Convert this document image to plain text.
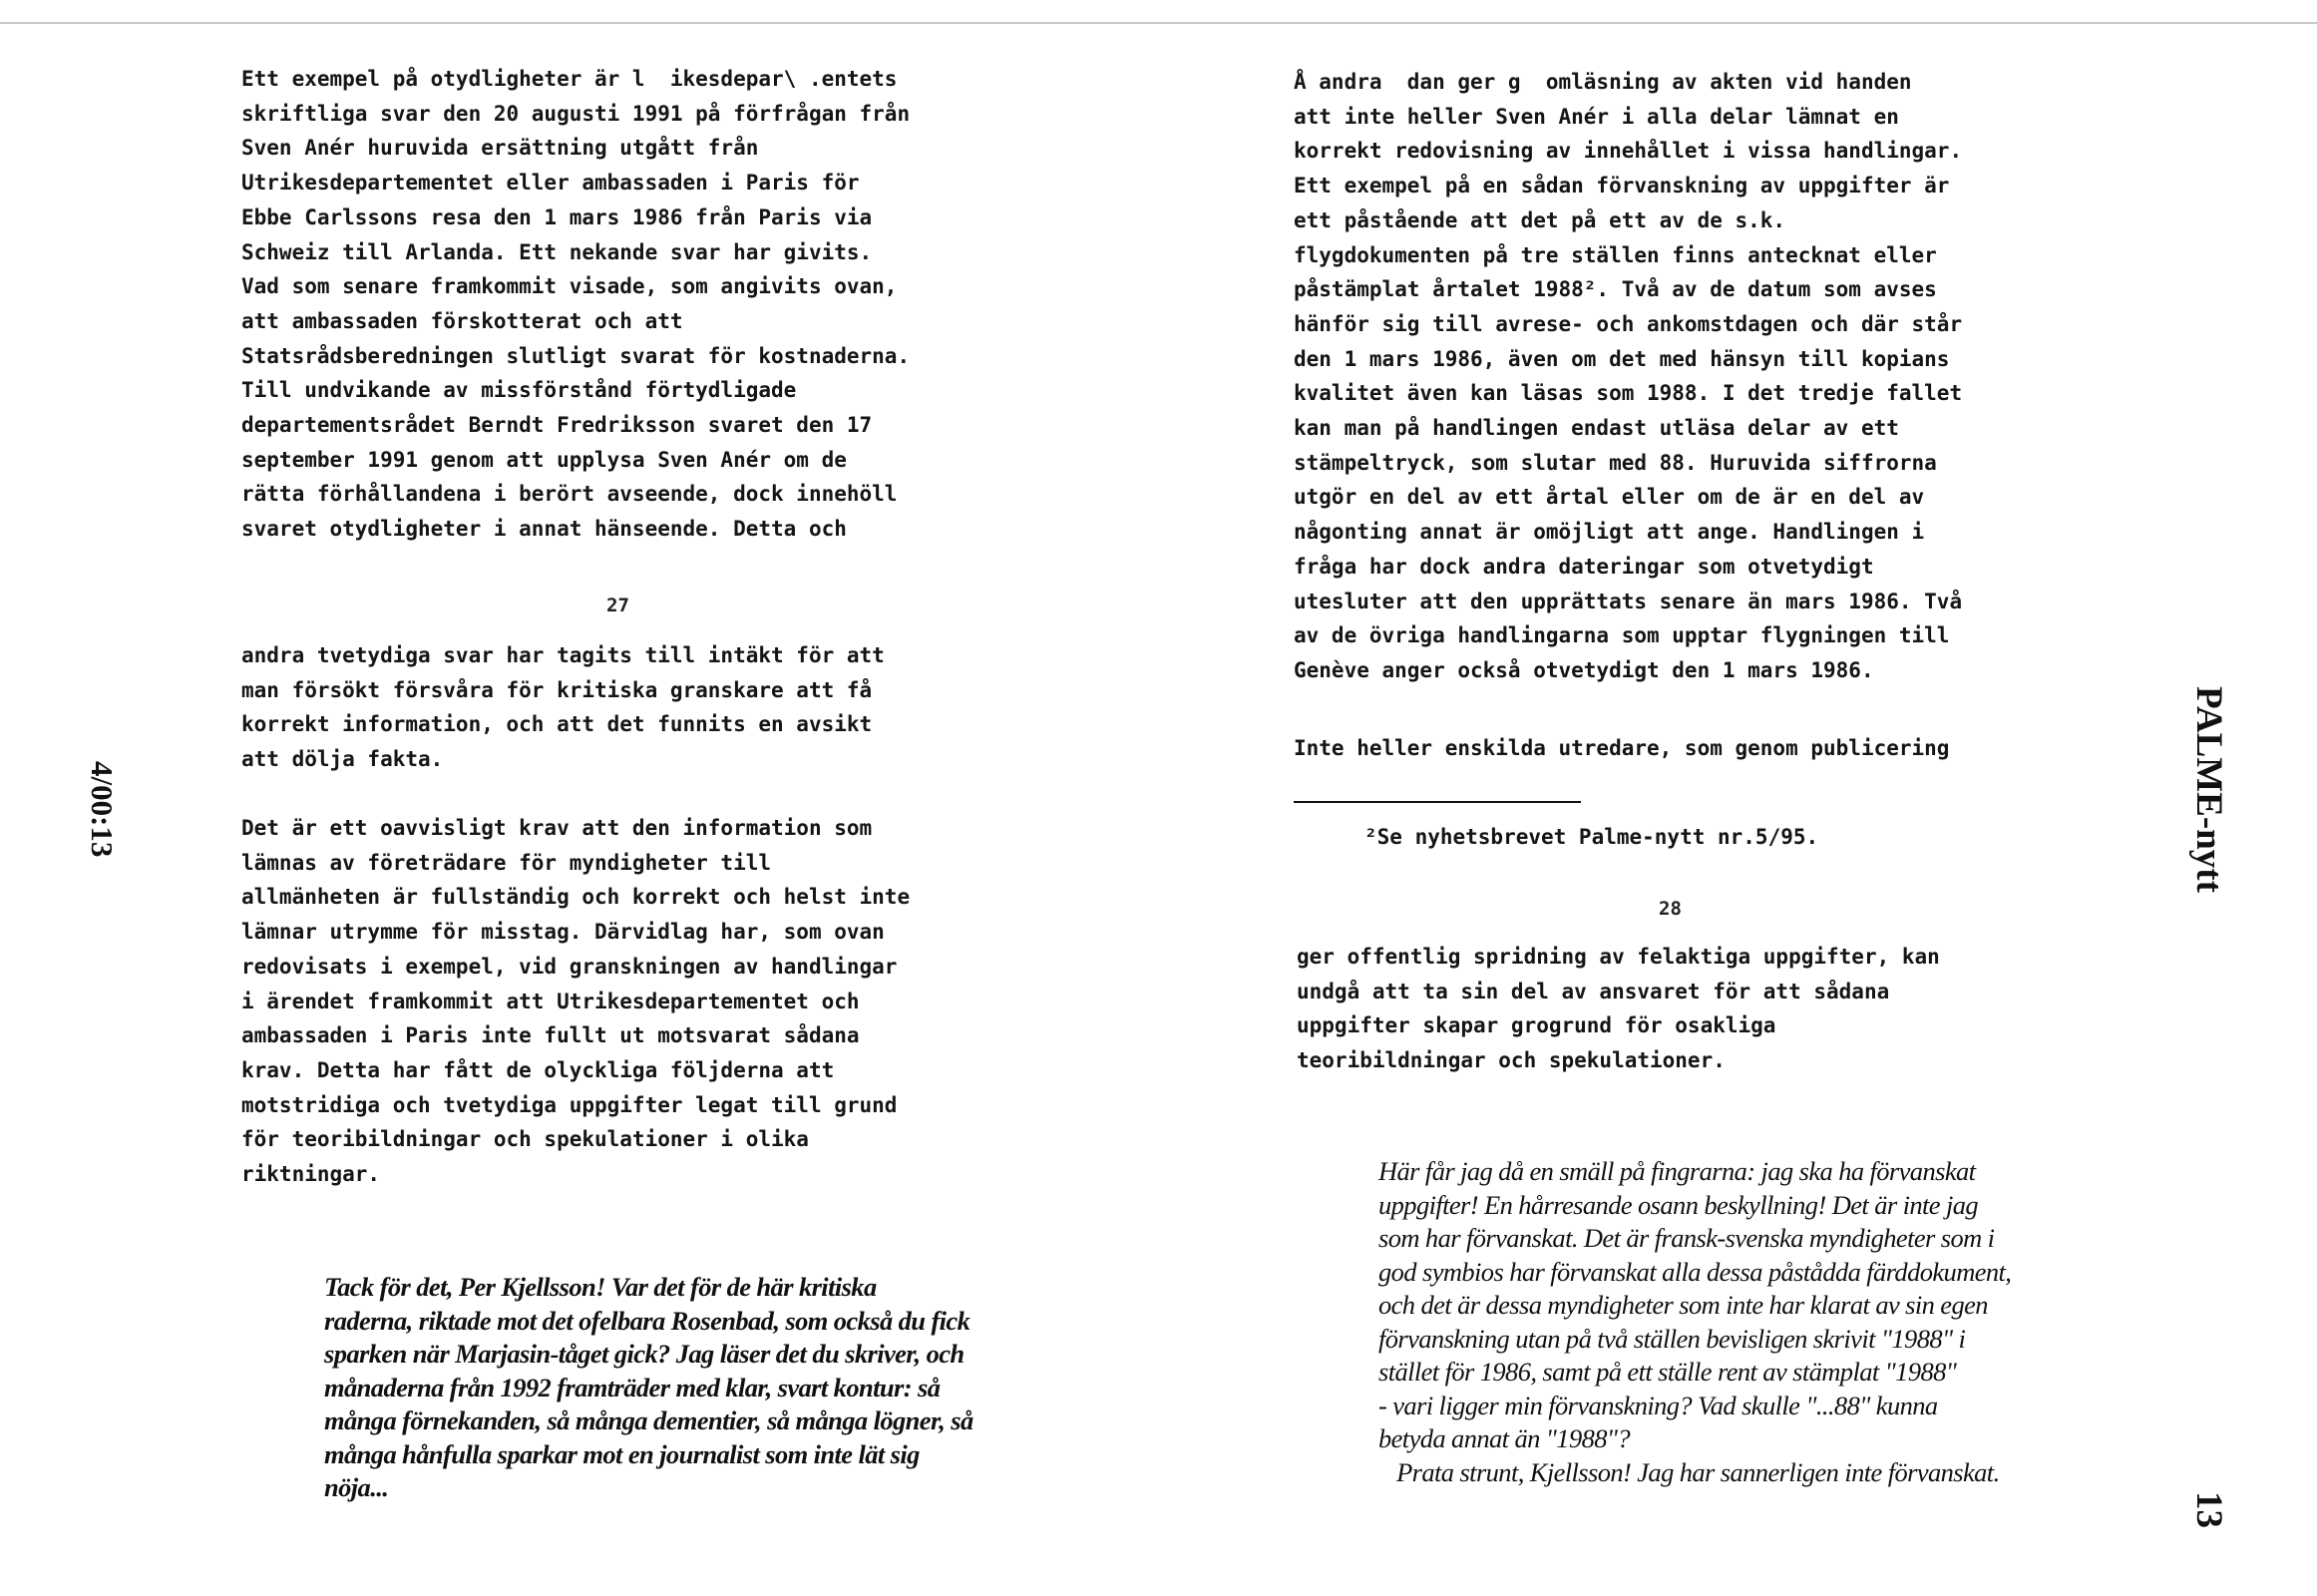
Ett exempel på otydligheter är l  ikesdepar\ .entets
skriftliga svar den 20 augusti 1991 på förfrågan från
Sven Anér huruvida ersättning utgått från
Utrikesdepartementet eller ambassaden i Paris för
Ebbe Carlssons resa den 1 mars 1986 från Paris via
Schweiz till Arlanda. Ett nekande svar har givits.
Vad som senare framkommit visade, som angivits ovan,
att ambassaden förskotterat och att
Statsrådsberedningen slutligt svarat för kostnaderna.
Till undvikande av missförstånd förtydligade
departementsrådet Berndt Fredriksson svaret den 17
september 1991 genom att upplysa Sven Anér om de
rätta förhållandena i berört avseende, dock innehöll
svaret otydligheter i annat hänseende. Detta och
27
andra tvetydiga svar har tagits till intäkt för att
man försökt försvåra för kritiska granskare att få
korrekt information, och att det funnits en avsikt
att dölja fakta.
Det är ett oavvisligt krav att den information som
lämnas av företrädare för myndigheter till
allmänheten är fullständig och korrekt och helst inte
lämnar utrymme för misstag. Därvidlag har, som ovan
redovisats i exempel, vid granskningen av handlingar
i ärendet framkommit att Utrikesdepartementet och
ambassaden i Paris inte fullt ut motsvarat sådana
krav. Detta har fått de olyckliga följderna att
motstridiga och tvetydiga uppgifter legat till grund
för teoribildningar och spekulationer i olika
riktningar.
Tack för det, Per Kjellsson! Var det för de här kritiska
raderna, riktade mot det ofelbara Rosenbad, som också du fick
sparken när Marjasin-tåget gick? Jag läser det du skriver, och
månaderna från 1992 framträder med klar, svart kontur: så
många förnekanden, så många dementier, så många lögner, så
många hånfulla sparkar mot en journalist som inte lät sig
nöja...
4/00:13
Å andra  dan ger g  omläsning av akten vid handen
att inte heller Sven Anér i alla delar lämnat en
korrekt redovisning av innehållet i vissa handlingar.
Ett exempel på en sådan förvanskning av uppgifter är
ett påstående att det på ett av de s.k.
flygdokumenten på tre ställen finns antecknat eller
påstämplat årtalet 1988². Två av de datum som avses
hänför sig till avrese- och ankomstdagen och där står
den 1 mars 1986, även om det med hänsyn till kopians
kvalitet även kan läsas som 1988. I det tredje fallet
kan man på handlingen endast utläsa delar av ett
stämpeltryck, som slutar med 88. Huruvida siffrorna
utgör en del av ett årtal eller om de är en del av
någonting annat är omöjligt att ange. Handlingen i
fråga har dock andra dateringar som otvetydigt
utesluter att den upprättats senare än mars 1986. Två
av de övriga handlingarna som upptar flygningen till
Genève anger också otvetydigt den 1 mars 1986.
Inte heller enskilda utredare, som genom publicering
²Se nyhetsbrevet Palme-nytt nr.5/95.
28
ger offentlig spridning av felaktiga uppgifter, kan
undgå att ta sin del av ansvaret för att sådana
uppgifter skapar grogrund för osakliga
teoribildningar och spekulationer.
Här får jag då en smäll på fingrarna: jag ska ha förvanskat
uppgifter! En hårresande osann beskyllning! Det är inte jag
som har förvanskat. Det är fransk-svenska myndigheter som i
god symbios har förvanskat alla dessa påstådda färddokument,
och det är dessa myndigheter som inte har klarat av sin egen
förvanskning utan på två ställen bevisligen skrivit "1988" i
stället för 1986, samt på ett ställe rent av stämplat "1988"
- vari ligger min förvanskning? Vad skulle "...88" kunna
betyda annat än "1988"?
Prata strunt, Kjellsson! Jag har sannerligen inte förvanskat.
PALME-nytt
13
